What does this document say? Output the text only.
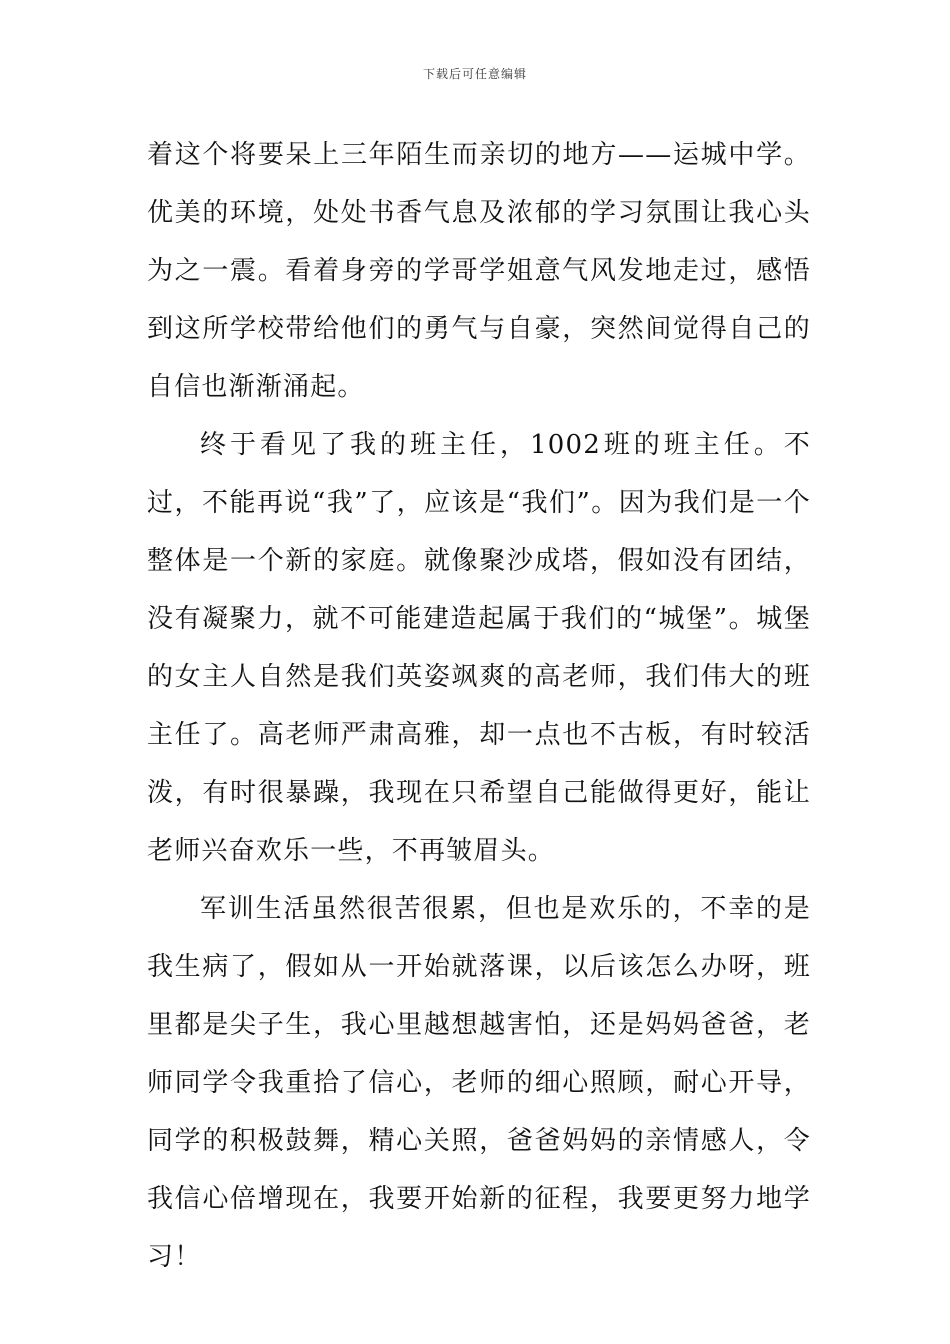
下载后可任意编辑

着这个将要呆上三年陌生而亲切的地方——运城中学。优美的环境，处处书香气息及浓郁的学习氛围让我心头为之一震。看着身旁的学哥学姐意气风发地走过，感悟到这所学校带给他们的勇气与自豪，突然间觉得自己的自信也渐渐涌起。

终于看见了我的班主任，1002班的班主任。不过，不能再说“我”了，应该是“我们”。因为我们是一个整体是一个新的家庭。就像聚沙成塔，假如没有团结，没有凝聚力，就不可能建造起属于我们的“城堡”。城堡的女主人自然是我们英姿飒爽的高老师，我们伟大的班主任了。高老师严肃高雅，却一点也不古板，有时较活泼，有时很暴躁，我现在只希望自己能做得更好，能让老师兴奋欢乐一些，不再皱眉头。

军训生活虽然很苦很累，但也是欢乐的，不幸的是我生病了，假如从一开始就落课，以后该怎么办呀，班里都是尖子生，我心里越想越害怕，还是妈妈爸爸，老师同学令我重拾了信心，老师的细心照顾，耐心开导，同学的积极鼓舞，精心关照，爸爸妈妈的亲情感人，令我信心倍增现在，我要开始新的征程，我要更努力地学习！
